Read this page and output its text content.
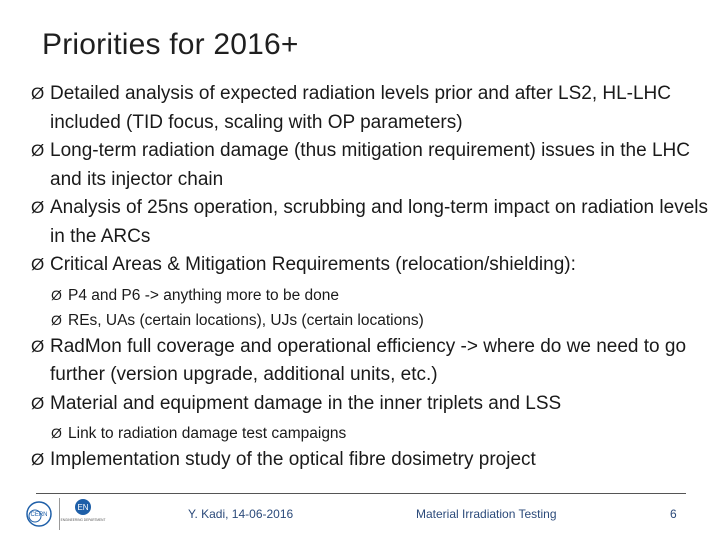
Priorities for 2016+

Ø Detailed analysis of expected radiation levels prior and after LS2, HL-LHC included (TID focus, scaling with OP parameters)

Ø Long-term radiation damage (thus mitigation requirement) issues in the LHC and its injector chain

Ø Analysis of 25ns operation, scrubbing and long-term impact on radiation levels in the ARCs

Ø Critical Areas & Mitigation Requirements (relocation/shielding):

Ø P4 and P6 -> anything more to be done

Ø REs, UAs (certain locations), UJs (certain locations)

Ø RadMon full coverage and operational efficiency -> where do we need to go further (version upgrade, additional units, etc.)

Ø Material and equipment damage in the inner triplets and LSS

Ø Link to radiation damage test campaigns

Ø Implementation study of the optical fibre dosimetry project

CERN
EN
ENGINEERING DEPARTMENT	Y. Kadi, 14-06-2016	Material Irradiation Testing	6
